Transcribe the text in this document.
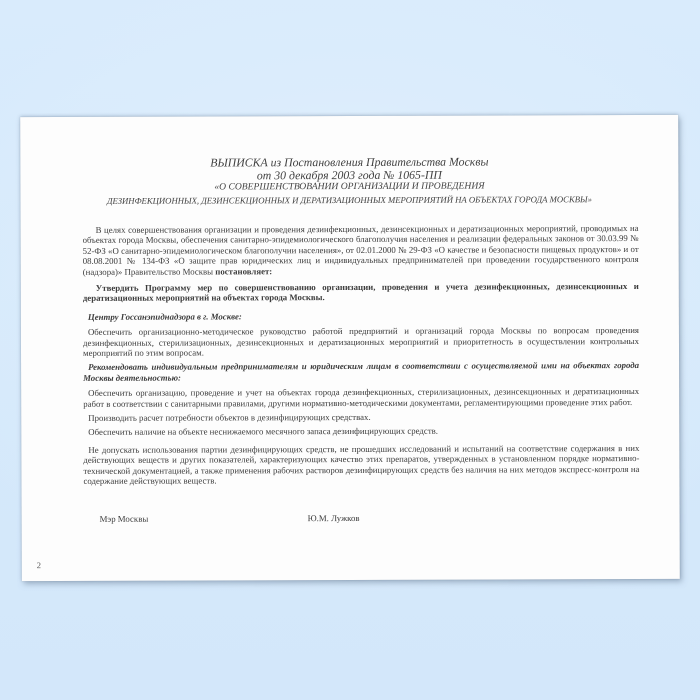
ВЫПИСКА из Постановления Правительства Москвы
от 30 декабря 2003 года № 1065-ПП
«О СОВЕРШЕНСТВОВАНИИ ОРГАНИЗАЦИИ И ПРОВЕДЕНИЯ
ДЕЗИНФЕКЦИОННЫХ, ДЕЗИНСЕКЦИОННЫХ И ДЕРАТИЗАЦИОННЫХ МЕРОПРИЯТИЙ НА ОБЪЕКТАХ ГОРОДА МОСКВЫ»

В целях совершенствования организации и проведения дезинфекционных, дезинсекционных и дератизационных мероприятий, проводимых на объектах города Москвы, обеспечения санитарно-эпидемиологического благополучия населения и реализации федеральных законов от 30.03.99 № 52-ФЗ «О санитарно-эпидемиологическом благополучии населения», от 02.01.2000 № 29-ФЗ «О качестве и безопасности пищевых продуктов» и от 08.08.2001 № 134-ФЗ «О защите прав юридических лиц и индивидуальных предпринимателей при проведении государственного контроля (надзора)» Правительство Москвы постановляет:

Утвердить Программу мер по совершенствованию организации, проведения и учета дезинфекционных, дезинсекционных и дератизационных мероприятий на объектах города Москвы.

Центру Госсанэпиднадзора в г. Москве:

Обеспечить организационно-методическое руководство работой предприятий и организаций города Москвы по вопросам проведения дезинфекционных, стерилизационных, дезинсекционных и дератизационных мероприятий и приоритетность в осуществлении контрольных мероприятий по этим вопросам.

Рекомендовать индивидуальным предпринимателям и юридическим лицам в соответствии с осуществляемой ими на объектах города Москвы деятельностью:

Обеспечить организацию, проведение и учет на объектах города дезинфекционных, стерилизационных, дезинсекционных и дератизационных работ в соответствии с санитарными правилами, другими нормативно-методическими документами, регламентирующими проведение этих работ.

Производить расчет потребности объектов в дезинфицирующих средствах.

Обеспечить наличие на объекте неснижаемого месячного запаса дезинфицирующих средств.

Не допускать использования партии дезинфицирующих средств, не прошедших исследований и испытаний на соответствие содержания в них действующих веществ и других показателей, характеризующих качество этих препаратов, утвержденных в установленном порядке нормативно-технической документацией, а также применения рабочих растворов дезинфицирующих средств без наличия на них методов экспресс-контроля на содержание действующих веществ.

Мэр Москвы	Ю.М. Лужков
2
